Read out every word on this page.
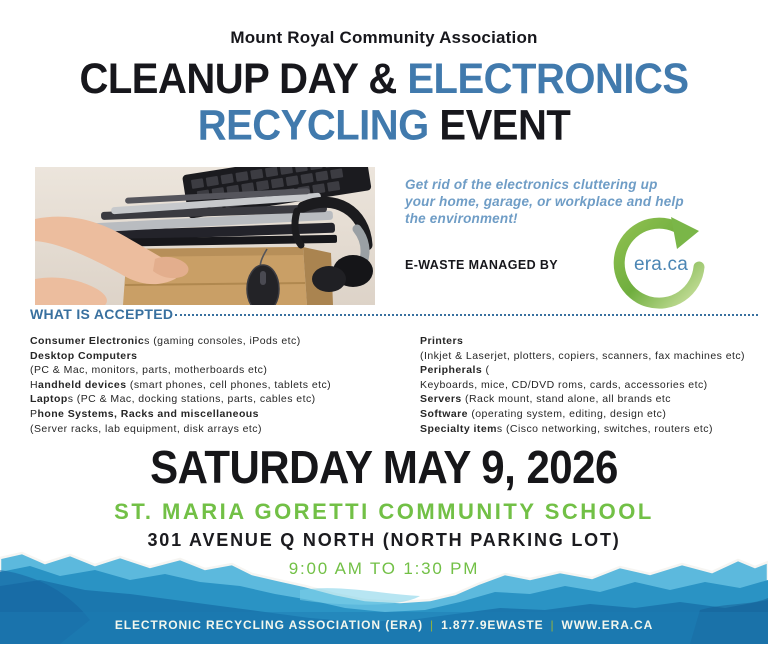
Mount Royal Community Association
CLEANUP DAY & ELECTRONICS
RECYCLING EVENT
Get rid of the electronics cluttering up your home, garage, or workplace and help the environment!
E-WASTE MANAGED BY	era.ca
WHAT IS ACCEPTED
Consumer Electronics (gaming consoles, iPods etc)
Desktop Computers
(PC & Mac, monitors, parts, motherboards etc)
Handheld devices (smart phones, cell phones, tablets etc)
Laptops (PC & Mac, docking stations, parts, cables etc)
Phone Systems, Racks and miscellaneous
(Server racks, lab equipment, disk arrays etc)
Printers
(Inkjet & Laserjet, plotters, copiers, scanners, fax machines etc)
Peripherals (
Keyboards, mice, CD/DVD roms, cards, accessories etc)
Servers (Rack mount, stand alone, all brands etc
Software (operating system, editing, design etc)
Specialty items (Cisco networking, switches, routers etc)
SATURDAY MAY 9, 2026
ST. MARIA GORETTI COMMUNITY SCHOOL
301 AVENUE Q NORTH (NORTH PARKING LOT)
9:00 AM TO 1:30 PM
ELECTRONIC RECYCLING ASSOCIATION (ERA) | 1.877.9EWASTE | WWW.ERA.CA
